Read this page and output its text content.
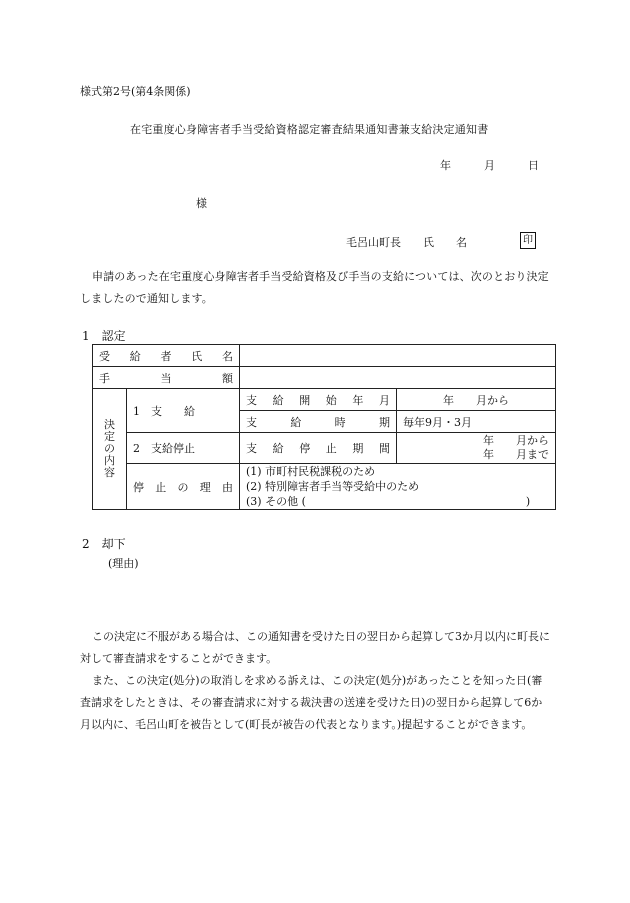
様式第2号(第4条関係)
在宅重度心身障害者手当受給資格認定審査結果通知書兼支給決定通知書
年	月	日
様
毛呂山町長　　氏　　名	印
申請のあった在宅重度心身障害者手当受給資格及び手当の支給については、次のとおり決定しましたので通知します。
1　認定
受給者氏名			
手当額			

決
定
の
内
容	1　支　　給	支給開始年月	年　　月から
		支給時期	毎年9月・3月
	2　支給停止	支給停止期間	年　　月から
年　　月まで

	停止の理由	(1) 市町村民税課税のため
(2) 特別障害者手当等受給中のため
(3) その他 (　　　　　　　　　　　　　　　　　　　　)	
2　却下
(理由)

この決定に不服がある場合は、この通知書を受けた日の翌日から起算して3か月以内に町長に対して審査請求をすることができます。

また、この決定(処分)の取消しを求める訴えは、この決定(処分)があったことを知った日(審査請求をしたときは、その審査請求に対する裁決書の送達を受けた日)の翌日から起算して6か月以内に、毛呂山町を被告として(町長が被告の代表となります。)提起することができます。
